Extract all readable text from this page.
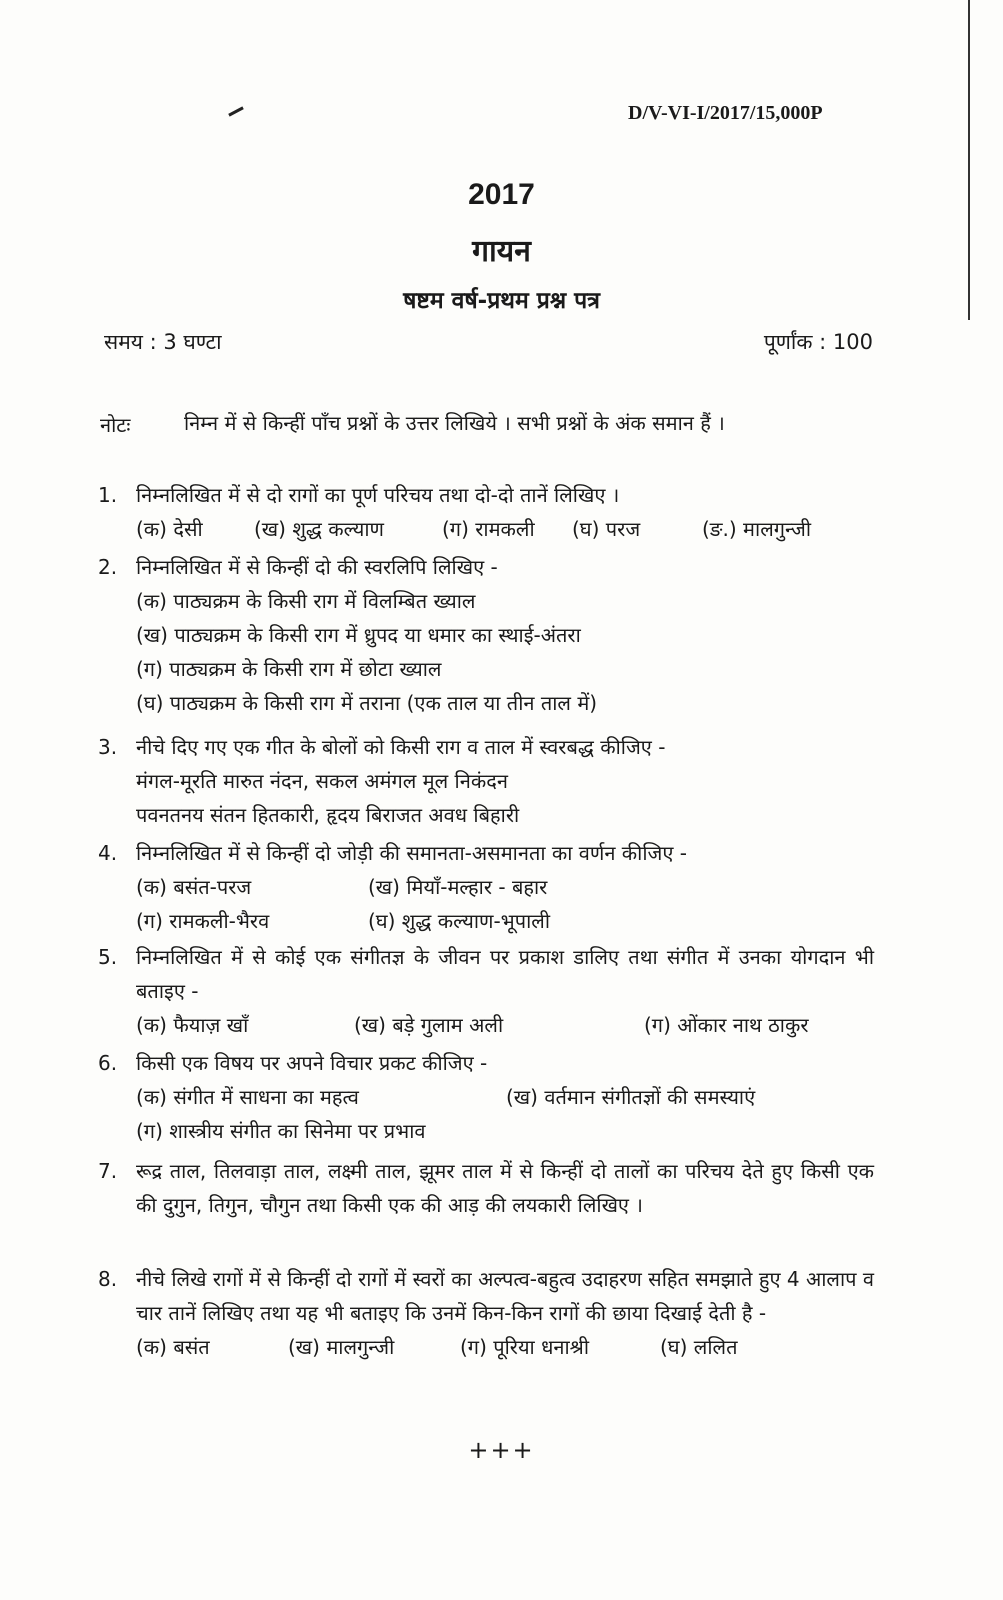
D/V-VI-I/2017/15,000P
2017
गायन
षष्टम वर्ष-प्रथम प्रश्न पत्र
समय : 3 घण्टा	पूर्णांक : 100
नोटः	निम्न में से किन्हीं पाँच प्रश्नों के उत्तर लिखिये । सभी प्रश्नों के अंक समान हैं ।
1. निम्नलिखित में से दो रागों का पूर्ण परिचय तथा दो-दो तानें लिखिए ।
(क) देसी	(ख) शुद्ध कल्याण	(ग) रामकली	(घ) परज	(ङ.) मालगुन्जी
2. निम्नलिखित में से किन्हीं दो की स्वरलिपि लिखिए -
(क) पाठ्यक्रम के किसी राग में विलम्बित ख्याल
(ख) पाठ्यक्रम के किसी राग में ध्रुपद या धमार का स्थाई-अंतरा
(ग) पाठ्यक्रम के किसी राग में छोटा ख्याल
(घ) पाठ्यक्रम के किसी राग में तराना (एक ताल या तीन ताल में)
3. नीचे दिए गए एक गीत के बोलों को किसी राग व ताल में स्वरबद्ध कीजिए -
मंगल-मूरति मारुत नंदन, सकल अमंगल मूल निकंदन
पवनतनय संतन हितकारी, हृदय बिराजत अवध बिहारी
4. निम्नलिखित में से किन्हीं दो जोड़ी की समानता-असमानता का वर्णन कीजिए -
(क) बसंत-परज	(ख) मियाँ-मल्हार - बहार
(ग) रामकली-भैरव	(घ) शुद्ध कल्याण-भूपाली
5. निम्नलिखित में से कोई एक संगीतज्ञ के जीवन पर प्रकाश डालिए तथा संगीत में उनका योगदान भी बताइए -
(क) फैयाज़ खाँ	(ख) बड़े गुलाम अली	(ग) ओंकार नाथ ठाकुर
6. किसी एक विषय पर अपने विचार प्रकट कीजिए -
(क) संगीत में साधना का महत्व	(ख) वर्तमान संगीतज्ञों की समस्याएं
(ग) शास्त्रीय संगीत का सिनेमा पर प्रभाव
7. रूद्र ताल, तिलवाड़ा ताल, लक्ष्मी ताल, झूमर ताल में से किन्हीं दो तालों का परिचय देते हुए किसी एक की दुगुन, तिगुन, चौगुन तथा किसी एक की आड़ की लयकारी लिखिए ।
8. नीचे लिखे रागों में से किन्हीं दो रागों में स्वरों का अल्पत्व-बहुत्व उदाहरण सहित समझाते हुए 4 आलाप व चार तानें लिखिए तथा यह भी बताइए कि उनमें किन-किन रागों की छाया दिखाई देती है -
(क) बसंत	(ख) मालगुन्जी	(ग) पूरिया धनाश्री	(घ) ललित
+++
